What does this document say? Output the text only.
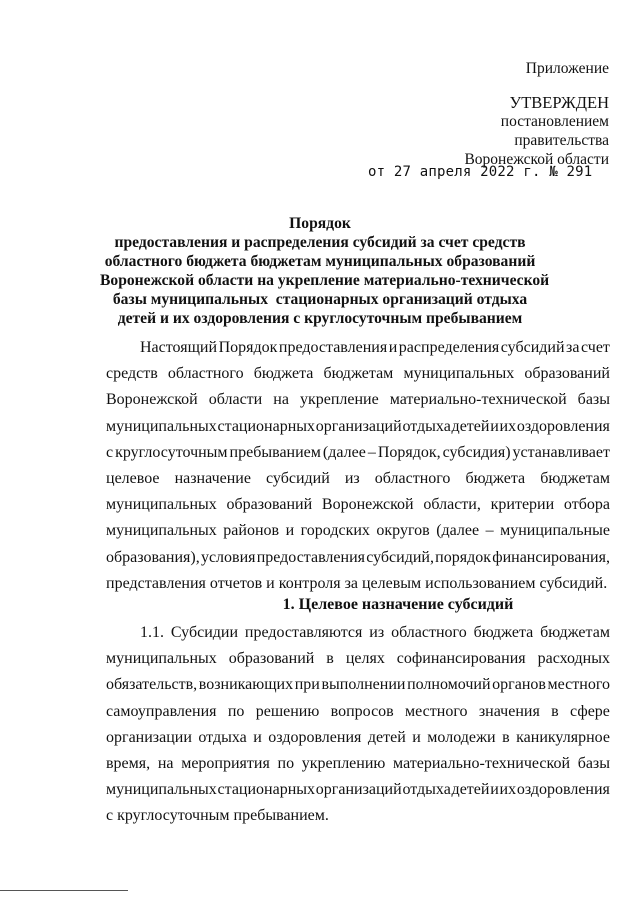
Приложение
УТВЕРЖДЕН
постановлением
правительства
Воронежской области
от 27 апреля 2022 г. № 291
Порядок
предоставления и распределения субсидий за счет средств
областного бюджета бюджетам муниципальных образований
Воронежской области на укрепление материально-технической
базы муниципальных  стационарных организаций отдыха
детей и их оздоровления с круглосуточным пребыванием
Настоящий Порядок предоставления и распределения субсидий за счет
средств областного бюджета бюджетам муниципальных образований
Воронежской области на укрепление материально-технической базы
муниципальных стационарных организаций отдыха детей и их оздоровления
с круглосуточным пребыванием (далее – Порядок, субсидия) устанавливает
целевое назначение субсидий из областного бюджета бюджетам
муниципальных образований Воронежской области, критерии отбора
муниципальных районов и городских округов (далее – муниципальные
образования), условия предоставления субсидий, порядок финансирования,
представления отчетов и контроля за целевым использованием субсидий.
1. Целевое назначение субсидий
1.1. Субсидии предоставляются из областного бюджета бюджетам
муниципальных образований в целях софинансирования расходных
обязательств, возникающих при выполнении полномочий органов местного
самоуправления по решению вопросов местного значения в сфере
организации отдыха и оздоровления детей и молодежи в каникулярное
время, на мероприятия по укреплению материально-технической базы
муниципальных стационарных организаций отдыха детей и их оздоровления
с круглосуточным пребыванием.
